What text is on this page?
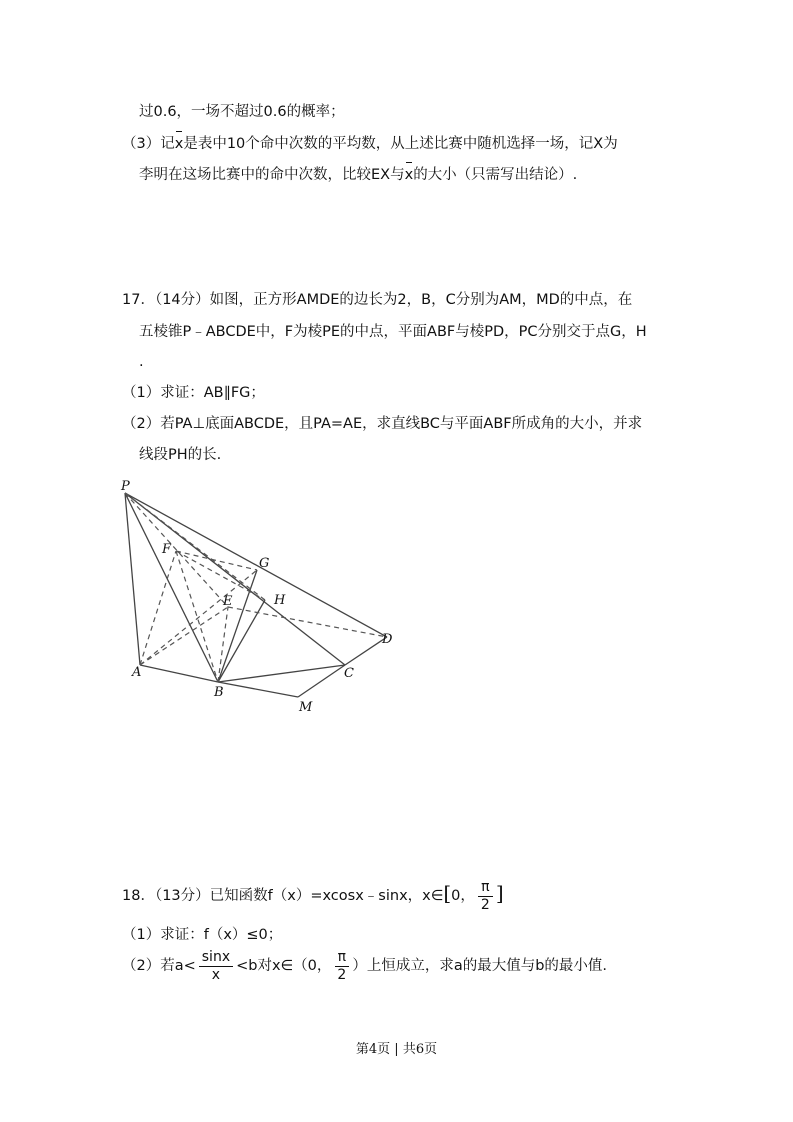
过0.6，一场不超过0.6的概率；
（3）记x是表中10个命中次数的平均数，从上述比赛中随机选择一场，记X为
李明在这场比赛中的命中次数，比较EX与x的大小（只需写出结论）.
17．（14分）如图，正方形AMDE的边长为2，B，C分别为AM，MD的中点，在
五棱锥P﹣ABCDE中，F为棱PE的中点，平面ABF与棱PD，PC分别交于点G，H
.
（1）求证：AB∥FG；
（2）若PA⊥底面ABCDE，且PA=AE，求直线BC与平面ABF所成角的大小，并求
线段PH的长.
P
F
G
E	H
D
A
B
C
M
18．（13分）已知函数f（x）=xcosx﹣sinx，x∈[0， $\frac{\pi}{2}$ ]
（1）求证：f（x）≤0；
（2）若$a< \frac{\sin x}{x} <b$对x∈（0， $\frac{\pi}{2}$ ）上恒成立，求a的最大值与b的最小值.
第4页 | 共6页
